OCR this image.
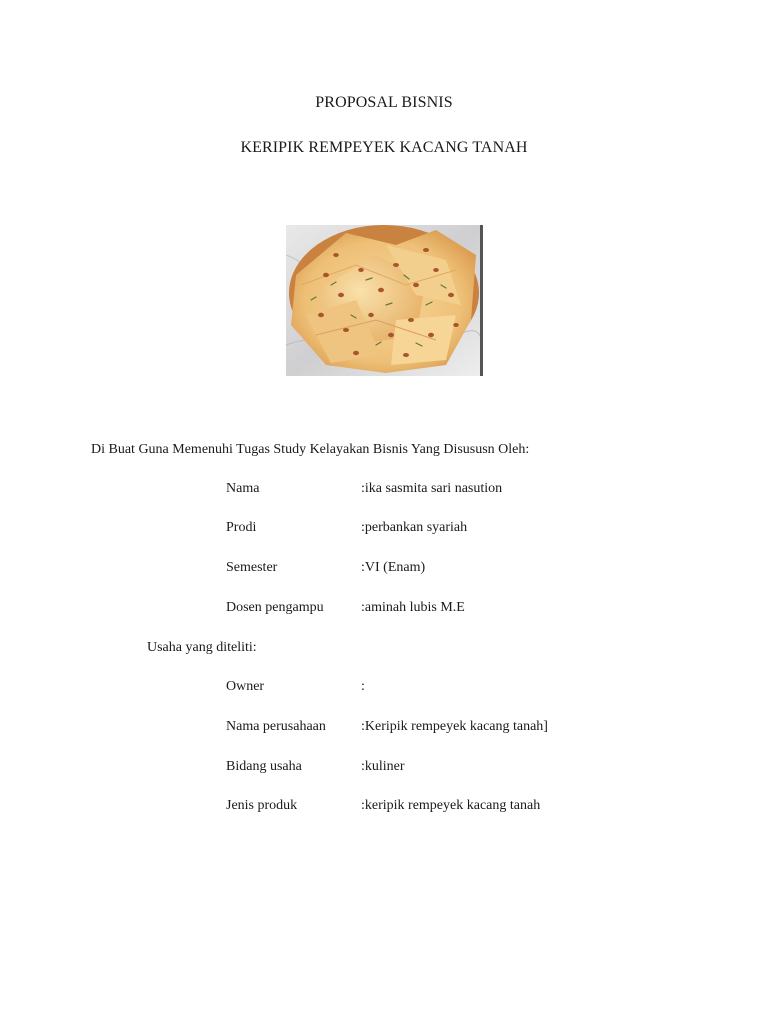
PROPOSAL BISNIS
KERIPIK REMPEYEK KACANG TANAH
Di Buat Guna Memenuhi Tugas Study Kelayakan Bisnis Yang Disususn Oleh:
Nama	:ika sasmita sari nasution
Prodi	:perbankan syariah
Semester	:VI (Enam)
Dosen pengampu	:aminah lubis M.E
Usaha yang diteliti:
Owner	:
Nama perusahaan	:Keripik rempeyek kacang tanah]
Bidang usaha	:kuliner
Jenis produk	:keripik rempeyek kacang tanah
